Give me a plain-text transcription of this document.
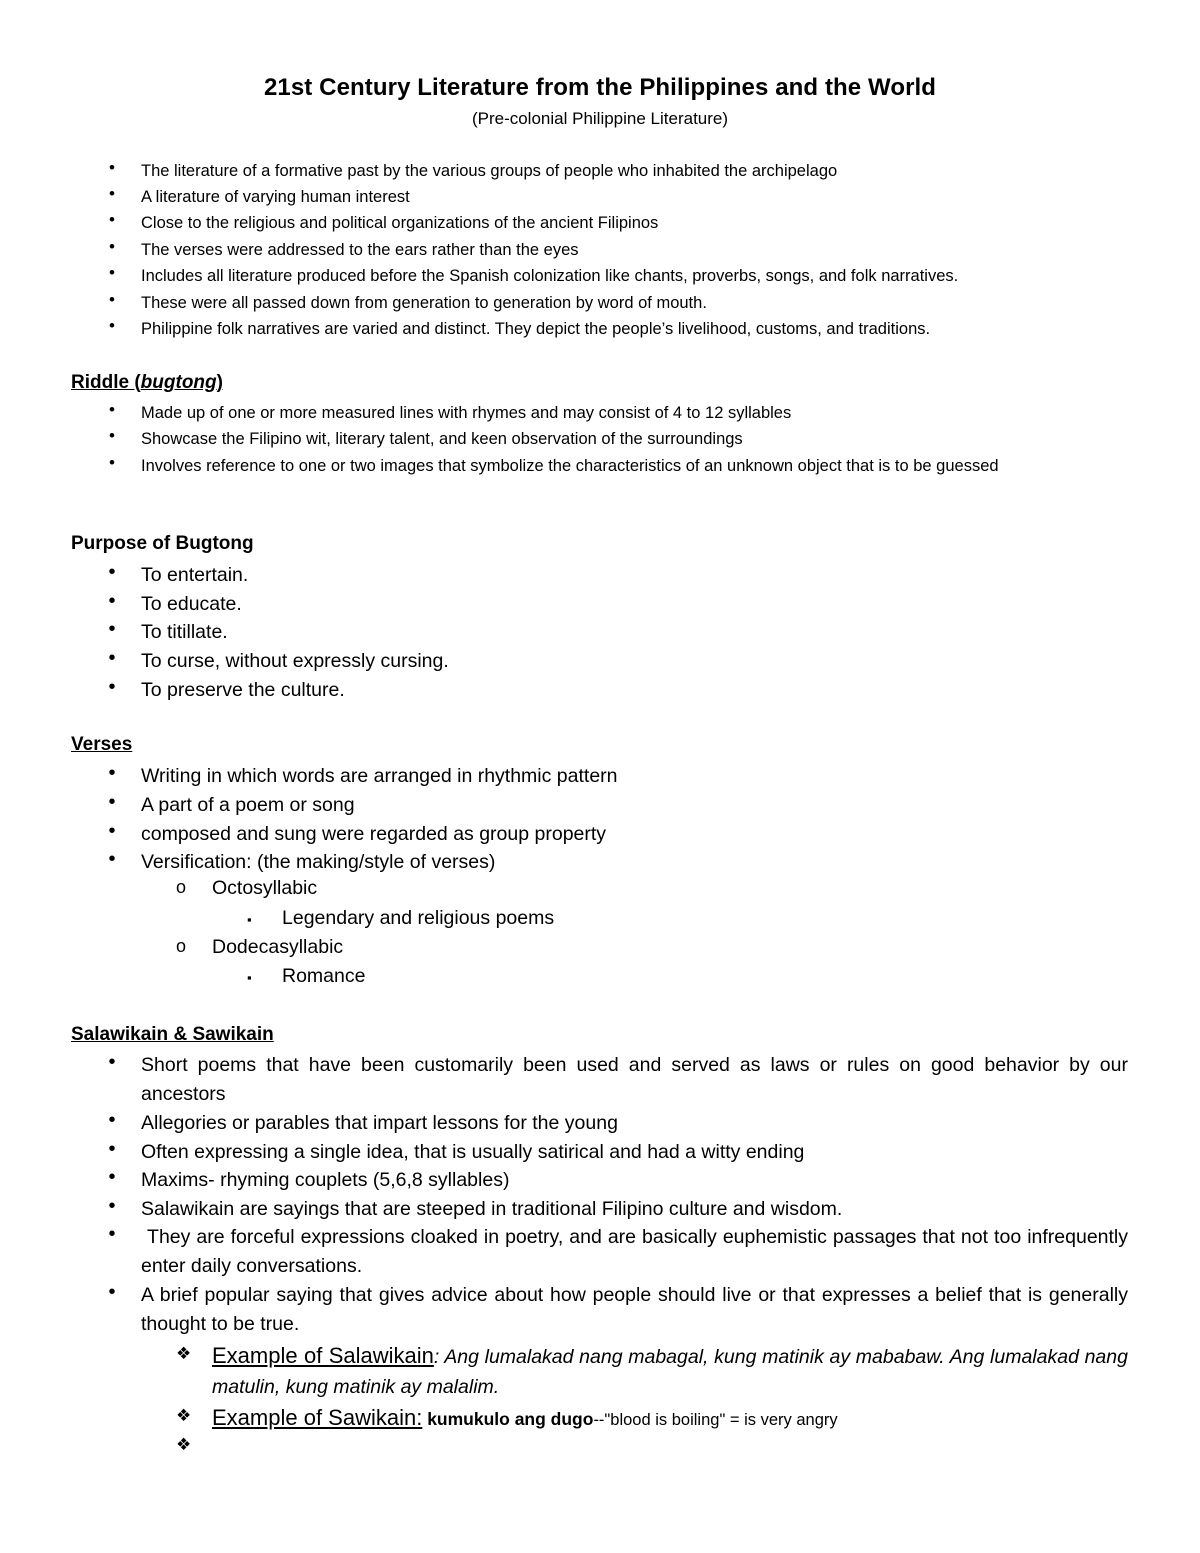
21st Century Literature from the Philippines and the World
(Pre-colonial Philippine Literature)
•	The literature of a formative past by the various groups of people who inhabited the archipelago
•	A literature of varying human interest
•	Close to the religious and political organizations of the ancient Filipinos
•	The verses were addressed to the ears rather than the eyes
•	Includes all literature produced before the Spanish colonization like chants, proverbs, songs, and folk narratives.
•	These were all passed down from generation to generation by word of mouth.
•	Philippine folk narratives are varied and distinct. They depict the people’s livelihood, customs, and traditions.
Riddle (bugtong)
•	Made up of one or more measured lines with rhymes and may consist of 4 to 12 syllables
•	Showcase the Filipino wit, literary talent, and keen observation of the surroundings
•	Involves reference to one or two images that symbolize the characteristics of an unknown object that is to be guessed
Purpose of Bugtong
•	To entertain.
•	To educate.
•	To titillate.
•	To curse, without expressly cursing.
•	To preserve the culture.
Verses
•	Writing in which words are arranged in rhythmic pattern
•	A part of a poem or song
•	composed and sung were regarded as group property
•	Versification: (the making/style of verses)
o Octosyllabic
▪ Legendary and religious poems
o Dodecasyllabic
▪ Romance
Salawikain & Sawikain
•	Short poems that have been customarily been used and served as laws or rules on good behavior by our ancestors
•	Allegories or parables that impart lessons for the young
•	Often expressing a single idea, that is usually satirical and had a witty ending
•	Maxims- rhyming couplets (5,6,8 syllables)
•	Salawikain are sayings that are steeped in traditional Filipino culture and wisdom.
•	They are forceful expressions cloaked in poetry, and are basically euphemistic passages that not too infrequently enter daily conversations.
•	A brief popular saying that gives advice about how people should live or that expresses a belief that is generally thought to be true.
❖ Example of Salawikain: Ang lumalakad nang mabagal, kung matinik ay mababaw. Ang lumalakad nang matulin, kung matinik ay malalim.
❖ Example of Sawikain: kumukulo ang dugo--"blood is boiling" = is very angry
❖
